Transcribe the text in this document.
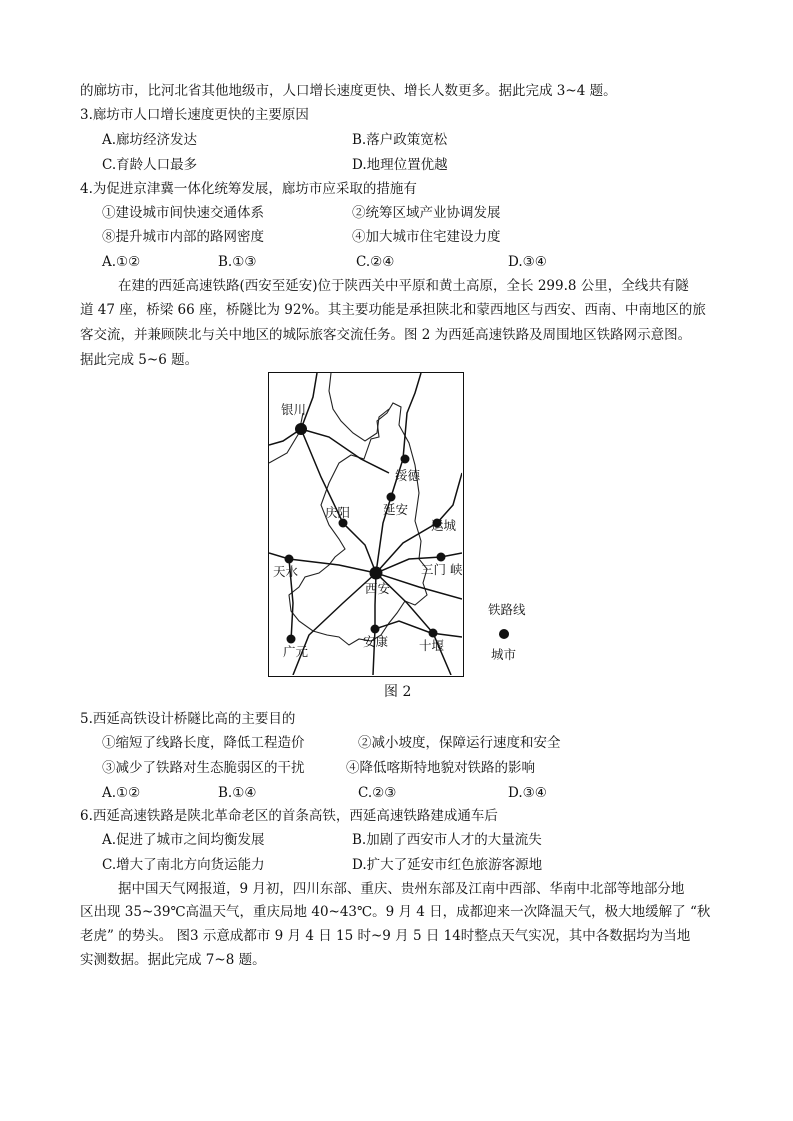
的廊坊市，比河北省其他地级市，人口增长速度更快、增长人数更多。据此完成 3~4 题。
3.廊坊市人口增长速度更快的主要原因
A.廊坊经济发达	B.落户政策宽松
C.育龄人口最多	D.地理位置优越
4.为促进京津冀一体化统筹发展，廊坊市应采取的措施有
①建设城市间快速交通体系	②统筹区域产业协调发展
⑧提升城市内部的路网密度	④加大城市住宅建设力度
A.①②	B.①③	C.②④	D.③④
在建的西延高速铁路(西安至延安)位于陕西关中平原和黄土高原，全长 299.8 公里，全线共有隧
道 47 座，桥梁 66 座，桥隧比为 92%。其主要功能是承担陕北和蒙西地区与西安、西南、中南地区的旅
客交流，并兼顾陕北与关中地区的城际旅客交流任务。图 2 为西延高速铁路及周围地区铁路网示意图。
据此完成 5~6 题。
银川
绥德
延安
庆阳
运城
天水	三门 峡
西安
广元
安康 十堰
铁路线
城市
图 2
5.西延高铁设计桥隧比高的主要目的
①缩短了线路长度，降低工程造价	②减小坡度，保障运行速度和安全
③减少了铁路对生态脆弱区的干扰	④降低喀斯特地貌对铁路的影响
A.①②	B.①④	C.②③	D.③④
6.西延高速铁路是陕北革命老区的首条高铁，西延高速铁路建成通车后
A.促进了城市之间均衡发展	B.加剧了西安市人才的大量流失
C.增大了南北方向货运能力	D.扩大了延安市红色旅游客源地
据中国天气网报道，9 月初，四川东部、重庆、贵州东部及江南中西部、华南中北部等地部分地
区出现 35~39℃高温天气，重庆局地 40~43℃。9 月 4 日，成都迎来一次降温天气，极大地缓解了 “秋
老虎” 的势头。 图3 示意成都市 9 月 4 日 15 时~9 月 5 日 14时整点天气实况，其中各数据均为当地
实测数据。据此完成 7~8 题。
